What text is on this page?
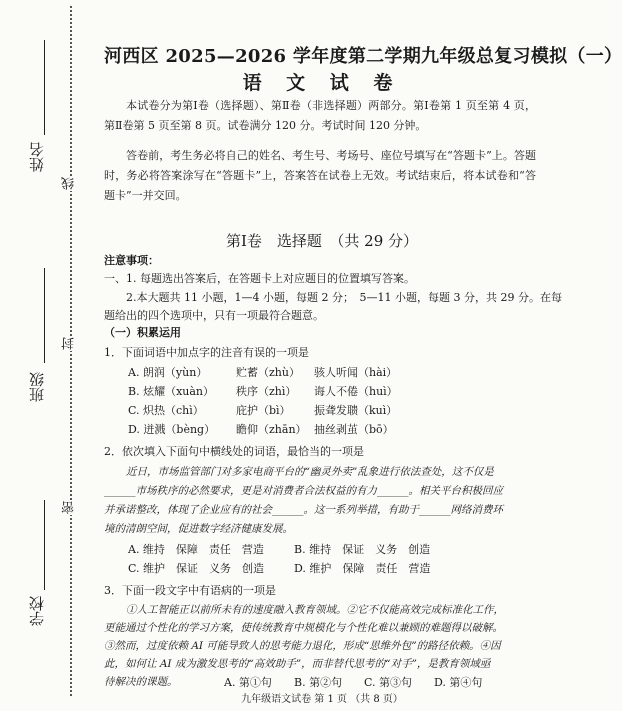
姓名
线
封
班级
密
学校
河西区 2025—2026 学年度第二学期九年级总复习模拟（一）
语 文 试 卷
本试卷分为第Ⅰ卷（选择题）、第Ⅱ卷（非选择题）两部分。第Ⅰ卷第 1 页至第 4 页，第Ⅱ卷第 5 页至第 8 页。试卷满分 120 分。考试时间 120 分钟。
答卷前，考生务必将自己的姓名、考生号、考场号、座位号填写在“答题卡”上。答题时，务必将答案涂写在“答题卡”上，答案答在试卷上无效。考试结束后，将本试卷和“答题卡”一并交回。
第Ⅰ卷　选择题　（共 29 分）
注意事项：
一、1. 每题选出答案后，在答题卡上对应题目的位置填写答案。
2.本大题共 11 小题，1—4 小题，每题 2 分；　5—11 小题，每题 3 分，共 29 分。在每
题给出的四个选项中，只有一项最符合题意。
（一）积累运用
1．下面词语中加点字的注音有误的一项是
A. 朗润（yùn）	贮蓄（zhù） 骇人听闻（hài）
B. 炫耀（xuàn） 秩序（zhì） 诲人不倦（huì）
C. 炽热（chì）	庇护（bì） 振聋发聩（kuì）
D. 迸溅（bèng） 瞻仰（zhān） 抽丝剥茧（bō）
2．依次填入下面句中横线处的词语，最恰当的一项是
近日，市场监管部门对多家电商平台的“幽灵外卖”乱象进行依法查处，这不仅是
______市场秩序的必然要求，更是对消费者合法权益的有力______。相关平台积极回应
并承诺整改，体现了企业应有的社会______。这一系列举措，有助于______网络消费环
境的清朗空间，促进数字经济健康发展。
A. 维持　保障　责任　营造	B. 维持　保证　义务　创造
C. 维护　保证　义务　创造	D. 维护　保障　责任　营造
3．下面一段文字中有语病的一项是
①人工智能正以前所未有的速度融入教育领域。②它不仅能高效完成标准化工作，
更能通过个性化的学习方案，使传统教育中规模化与个性化难以兼顾的难题得以破解。
③然而，过度依赖 AI 可能导致人的思考能力退化，形成“思维外包”的路径依赖。④因
此，如何让 AI 成为激发思考的“高效助手”，而非替代思考的“对手”，是教育领域亟
待解决的课题。	A. 第①句 B. 第②句 C. 第③句 D. 第④句
九年级语文试卷 第 1 页 （共 8 页）
